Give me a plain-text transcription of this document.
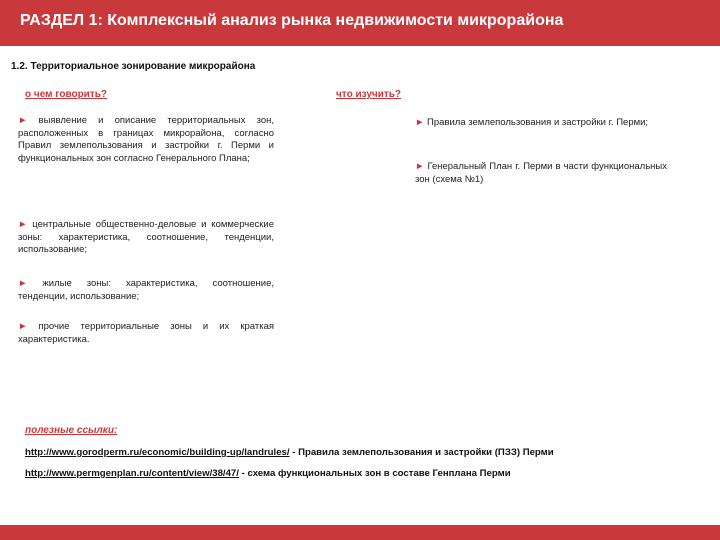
РАЗДЕЛ 1: Комплексный анализ рынка недвижимости микрорайона
1.2. Территориальное зонирование микрорайона
о чем говорить?	что изучить?
► выявление и описание территориальных зон, расположенных в границах микрорайона, согласно Правил землепользования и застройки г. Перми и функциональных зон согласно Генерального Плана;
► центральные общественно-деловые и коммерческие зоны: характеристика, соотношение, тенденции, использование;
► жилые зоны: характеристика, соотношение, тенденции, использование;
► прочие территориальные зоны и их краткая характеристика.
► Правила землепользования и застройки г. Перми;
► Генеральный План г. Перми в части функциональных зон (схема №1)
полезные ссылки:
http://www.gorodperm.ru/economic/building-up/landrules/ - Правила землепользования и застройки (ПЗЗ) Перми
http://www.permgenplan.ru/content/view/38/47/ - схема функциональных зон в составе Генплана Перми
